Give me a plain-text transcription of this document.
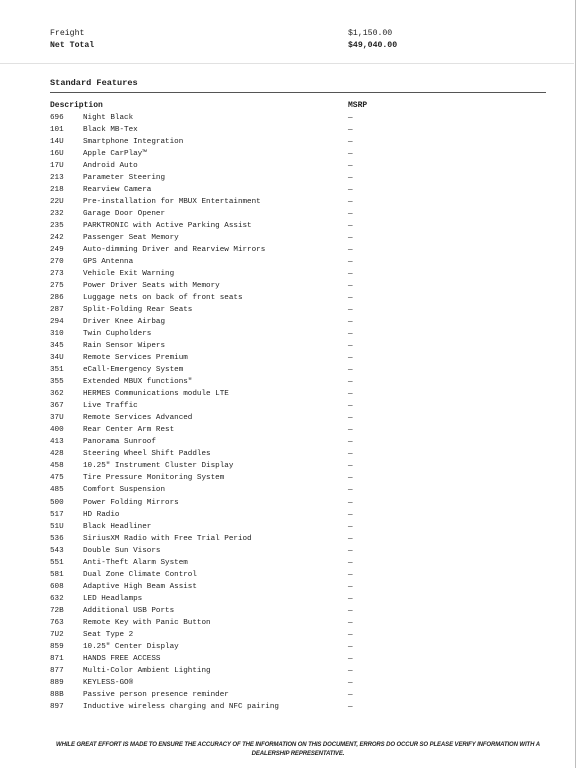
Freight	$1,150.00
Net Total	$49,040.00
Standard Features
Description	MSRP
696	Night Black	—
101	Black MB-Tex	—
14U	Smartphone Integration	—
16U	Apple CarPlay™	—
17U	Android Auto	—
213	Parameter Steering	—
218	Rearview Camera	—
22U	Pre-installation for MBUX Entertainment	—
232	Garage Door Opener	—
235	PARKTRONIC with Active Parking Assist	—
242	Passenger Seat Memory	—
249	Auto-dimming Driver and Rearview Mirrors	—
270	GPS Antenna	—
273	Vehicle Exit Warning	—
275	Power Driver Seats with Memory	—
286	Luggage nets on back of front seats	—
287	Split-Folding Rear Seats	—
294	Driver Knee Airbag	—
310	Twin Cupholders	—
345	Rain Sensor Wipers	—
34U	Remote Services Premium	—
351	eCall-Emergency System	—
355	Extended MBUX functions"	—
362	HERMES Communications module LTE	—
367	Live Traffic	—
37U	Remote Services Advanced	—
400	Rear Center Arm Rest	—
413	Panorama Sunroof	—
428	Steering Wheel Shift Paddles	—
458	10.25" Instrument Cluster Display	—
475	Tire Pressure Monitoring System	—
485	Comfort Suspension	—
500	Power Folding Mirrors	—
517	HD Radio	—
51U	Black Headliner	—
536	SiriusXM Radio with Free Trial Period	—
543	Double Sun Visors	—
551	Anti-Theft Alarm System	—
581	Dual Zone Climate Control	—
608	Adaptive High Beam Assist	—
632	LED Headlamps	—
72B	Additional USB Ports	—
763	Remote Key with Panic Button	—
7U2	Seat Type 2	—
859	10.25" Center Display	—
871	HANDS FREE ACCESS	—
877	Multi-Color Ambient Lighting	—
889	KEYLESS-GO®	—
88B	Passive person presence reminder	—
897	Inductive wireless charging and NFC pairing	—
WHILE GREAT EFFORT IS MADE TO ENSURE THE ACCURACY OF THE INFORMATION ON THIS DOCUMENT, ERRORS DO OCCUR SO PLEASE VERIFY INFORMATION WITH A DEALERSHIP REPRESENTATIVE.
